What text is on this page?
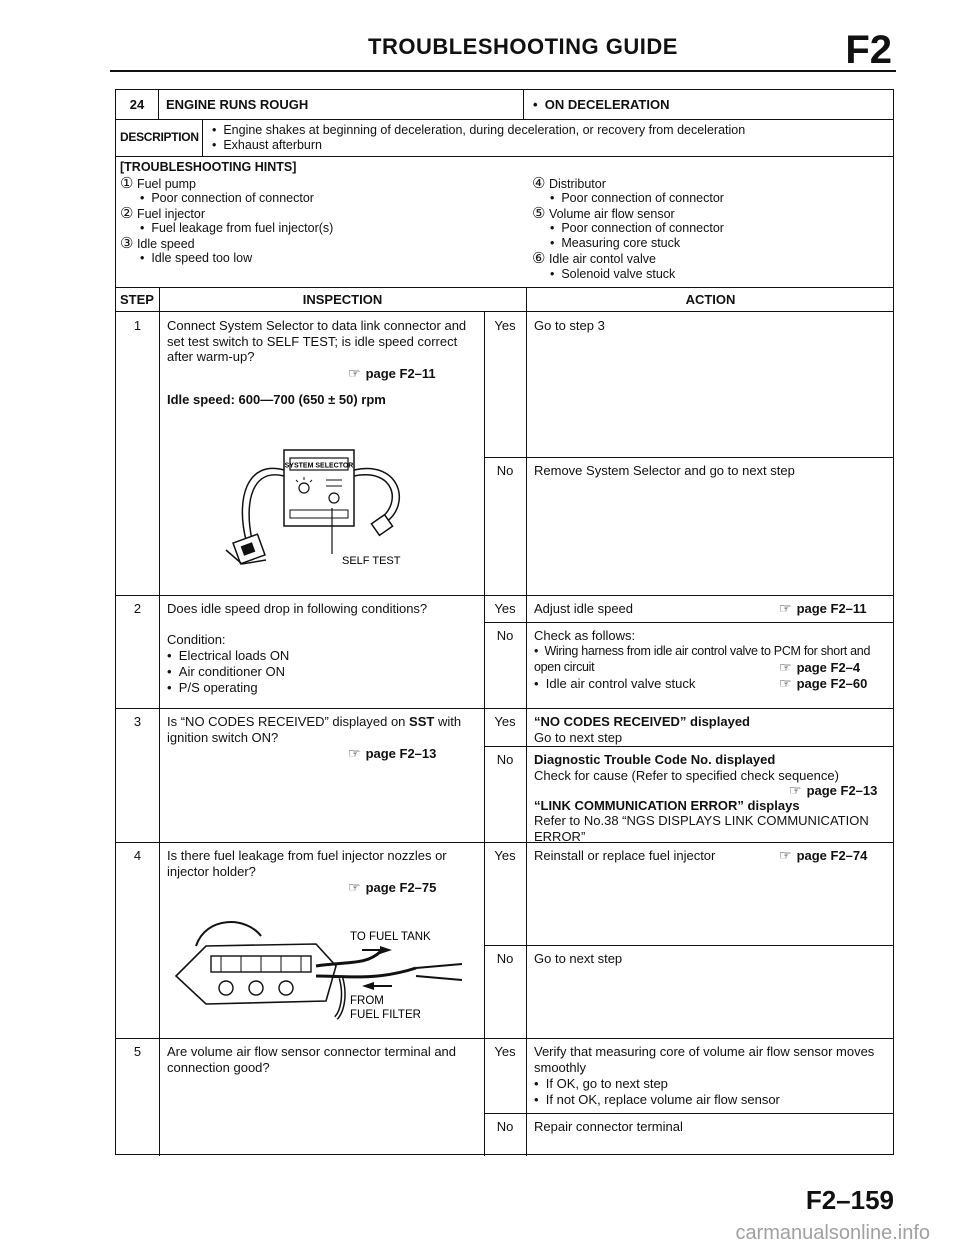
TROUBLESHOOTING GUIDE	F2
24	ENGINE RUNS ROUGH	•  ON DECELERATION
DESCRIPTION	•  Engine shakes at beginning of deceleration, during deceleration, or recovery from deceleration
•  Exhaust afterburn
[TROUBLESHOOTING HINTS]
① Fuel pump
•  Poor connection of connector
② Fuel injector
•  Fuel leakage from fuel injector(s)
③ Idle speed
•  Idle speed too low
④ Distributor
•  Poor connection of connector
⑤ Volume air flow sensor
•  Poor connection of connector
•  Measuring core stuck
⑥ Idle air contol valve
•  Solenoid valve stuck
STEP	INSPECTION	ACTION
1	Connect System Selector to data link connector and set test switch to SELF TEST; is idle speed correct after warm-up?
☞ page F2–11
Idle speed: 600—700 (650 ± 50) rpm
SYSTEM SELECTOR
SELF TEST
Yes	Go to step 3
No	Remove System Selector and go to next step
2	Does idle speed drop in following conditions?
Condition:
•  Electrical loads ON
•  Air conditioner ON
•  P/S operating
Yes	Adjust idle speed	☞ page F2–11
No	Check as follows:
•  Wiring harness from idle air control valve to PCM for short and open circuit	☞ page F2–4
•  Idle air control valve stuck	☞ page F2–60
3	Is “NO CODES RECEIVED” displayed on SST with ignition switch ON?
☞ page F2–13
Yes	“NO CODES RECEIVED” displayed
Go to next step
No	Diagnostic Trouble Code No. displayed
Check for cause (Refer to specified check sequence)
☞ page F2–13
“LINK COMMUNICATION ERROR” displays
Refer to No.38 “NGS DISPLAYS LINK COMMUNICATION ERROR”
4	Is there fuel leakage from fuel injector nozzles or injector holder?
☞ page F2–75
TO FUEL TANK
FROM
FUEL FILTER
Yes	Reinstall or replace fuel injector	☞ page F2–74
No	Go to next step
5	Are volume air flow sensor connector terminal and connection good?
Yes	Verify that measuring core of volume air flow sensor moves smoothly
•  If OK, go to next step
•  If not OK, replace volume air flow sensor
No	Repair connector terminal
F2–159
carmanualsonline.info
